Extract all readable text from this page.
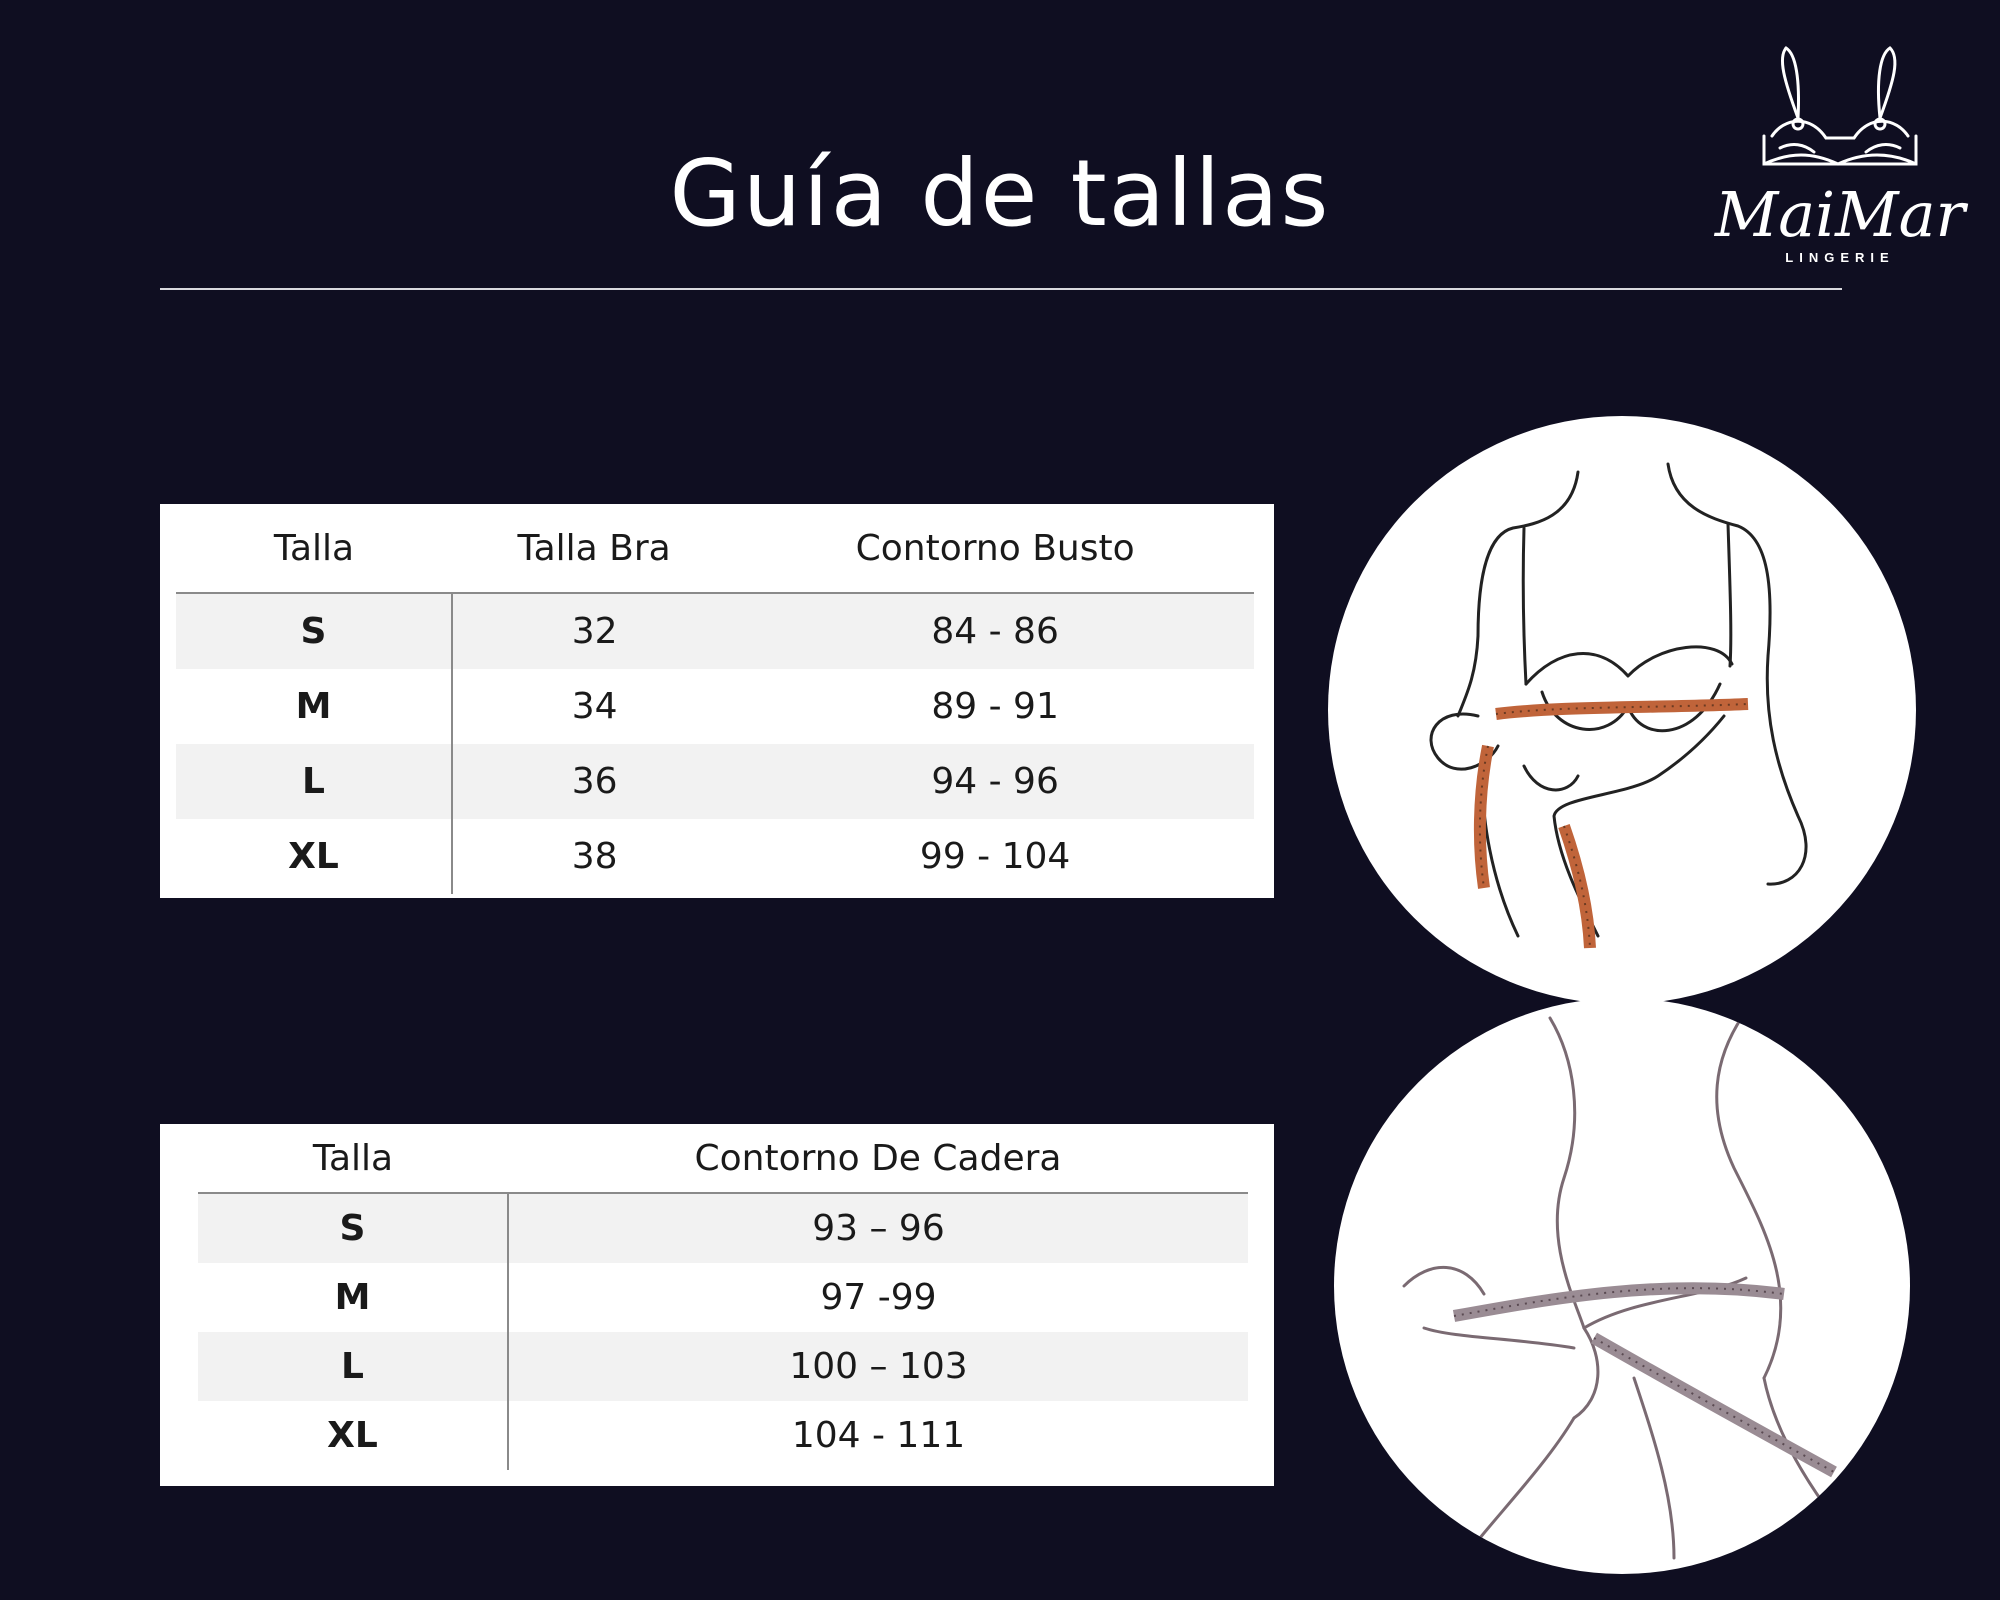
Guía de tallas	MaiMar
LINGERIE
Talla	Talla Bra	Contorno Busto
S	32	84 - 86
M	34	89 - 91
L	36	94 - 96
XL	38	99 - 104
Talla	Contorno De Cadera
S	93 – 96
M	97 -99
L	100 – 103
XL	104 - 111
